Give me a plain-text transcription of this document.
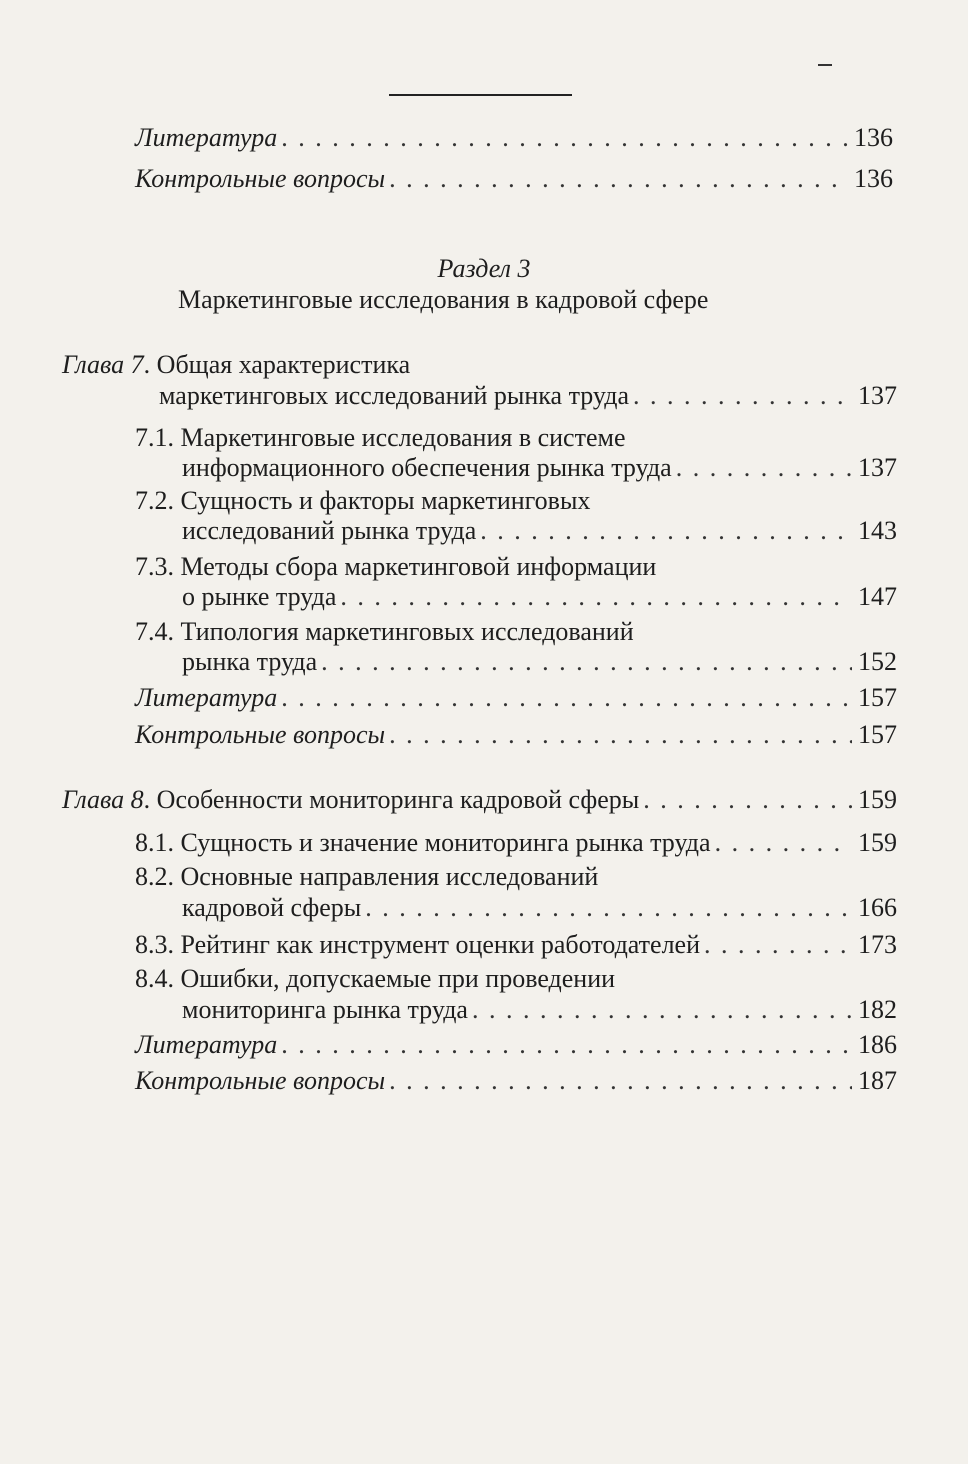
Литература . . .	136
Контрольные вопросы . . .	136
Раздел 3
Маркетинговые исследования в кадровой сфере
Глава 7. Общая характеристика
маркетинговых исследований рынка труда . . .	137
7.1. Маркетинговые исследования в системе
информационного обеспечения рынка труда . . .	137
7.2. Сущность и факторы маркетинговых
исследований рынка труда . . .	143
7.3. Методы сбора маркетинговой информации
о рынке труда . . .	147
7.4. Типология маркетинговых исследований
рынка труда . . .	152
Литература . . .	157
Контрольные вопросы . . .	157
Глава 8. Особенности мониторинга кадровой сферы . . .	159
8.1. Сущность и значение мониторинга рынка труда . . .	159
8.2. Основные направления исследований
кадровой сферы . . .	166
8.3. Рейтинг как инструмент оценки работодателей . . .	173
8.4. Ошибки, допускаемые при проведении
мониторинга рынка труда . . .	182
Литература . . .	186
Контрольные вопросы . . .	187
